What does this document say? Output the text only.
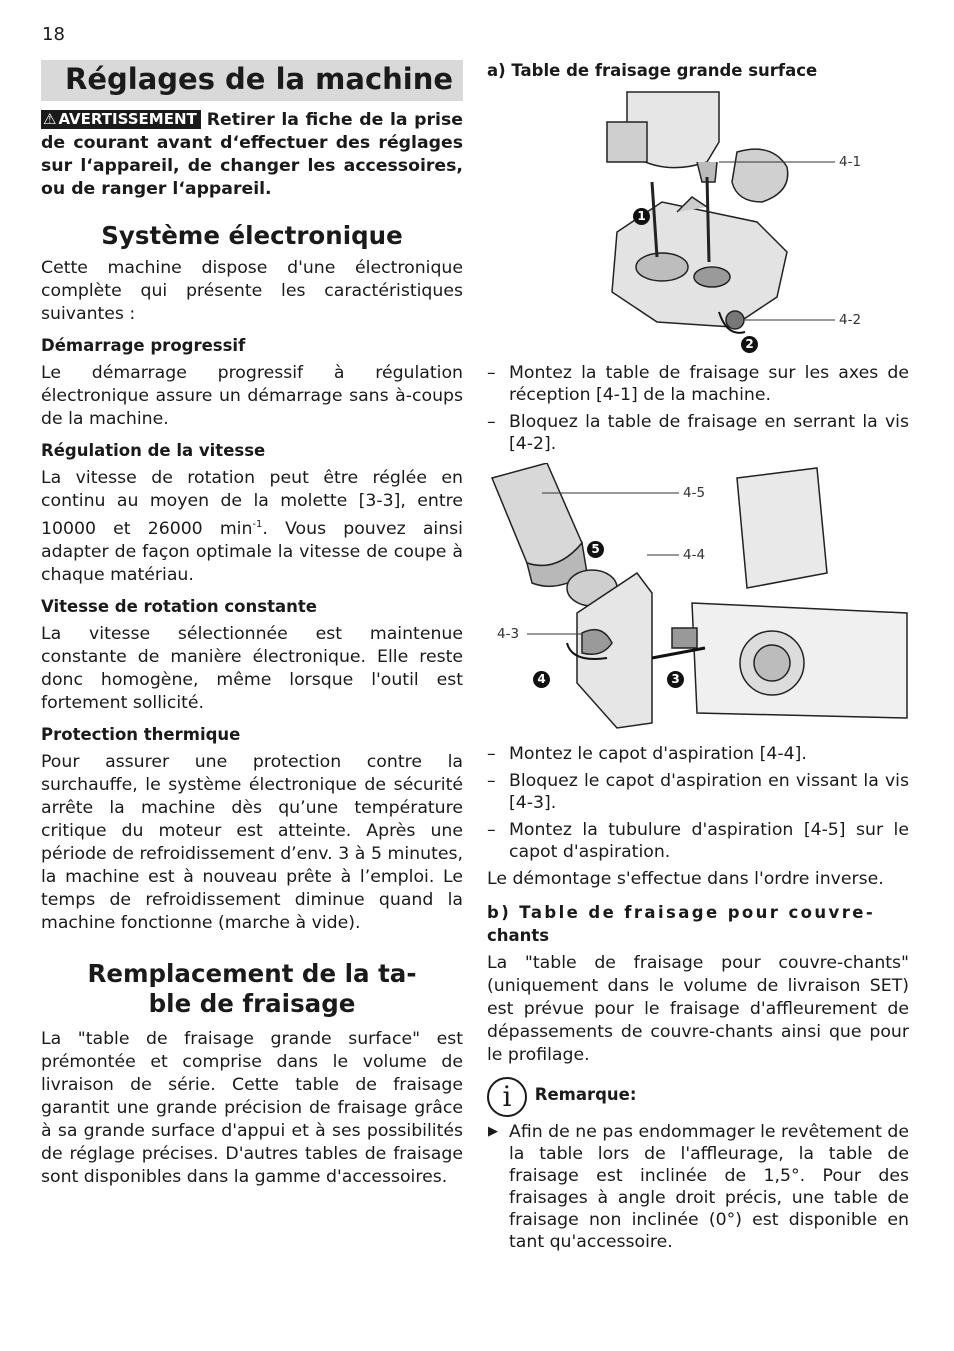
18
Réglages de la machine
⚠ AVERTISSEMENT Retirer la fiche de la prise de courant avant d‘effectuer des réglages sur l‘appareil, de changer les accessoires, ou de ranger l‘appareil.
Système électronique

Cette machine dispose d'une électronique complète qui présente les caractéristiques suivantes :

Démarrage progressif

Le démarrage progressif à régulation électronique assure un démarrage sans à-coups de la machine.

Régulation de la vitesse

La vitesse de rotation peut être réglée en continu au moyen de la molette [3-3], entre 10000 et 26000 $\min^{-1}$. Vous pouvez ainsi adapter de façon optimale la vitesse de coupe à chaque matériau.

Vitesse de rotation constante

La vitesse sélectionnée est maintenue constante de manière électronique. Elle reste donc homogène, même lorsque l'outil est fortement sollicité.

Protection thermique

Pour assurer une protection contre la surchauffe, le système électronique de sécurité arrête la machine dès qu’une température critique du moteur est atteinte. Après une période de refroidissement d’env. 3 à 5 minutes, la machine est à nouveau prête à l’emploi. Le temps de refroidissement diminue quand la machine fonctionne (marche à vide).

Remplacement de la ta-
ble de fraisage

La "table de fraisage grande surface" est prémontée et comprise dans le volume de livraison de série. Cette table de fraisage garantit une grande précision de fraisage grâce à sa grande surface d'appui et à ses possibilités de réglage précises. D'autres tables de fraisage sont disponibles dans la gamme d'accessoires.

a) Table de fraisage grande surface
4-1
4-2
1
2
– Montez la table de fraisage sur les axes de réception [4-1] de la machine.
– Bloquez la table de fraisage en serrant la vis [4-2].
4-5
4-4
4-3
5
4	3
– Montez le capot d'aspiration [4-4].
– Bloquez le capot d'aspiration en vissant la vis [4-3].
– Montez la tubulure d'aspiration [4-5] sur le capot d'aspiration.

Le démontage s'effectue dans l'ordre inverse.

b) Table de fraisage pour couvre-
chants

La "table de fraisage pour couvre-chants" (uniquement dans le volume de livraison SET) est prévue pour le fraisage d'affleurement de dépassements de couvre-chants ainsi que pour le profilage.

i Remarque:
▶ Afin de ne pas endommager le revêtement de la table lors de l'affleurage, la table de fraisage est inclinée de 1,5°. Pour des fraisages à angle droit précis, une table de fraisage non inclinée (0°) est disponible en tant qu'accessoire.
